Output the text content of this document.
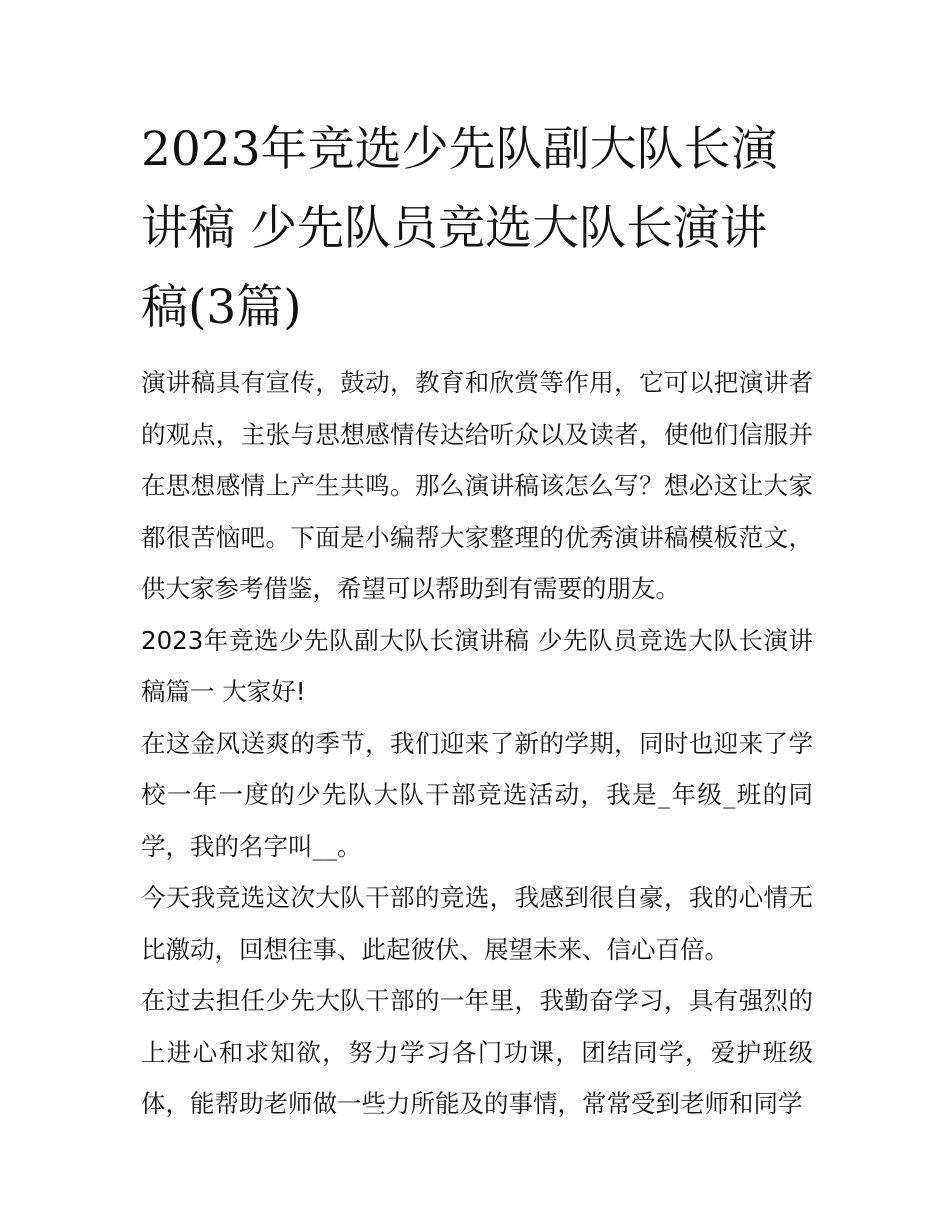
2023年竞选少先队副大队长演讲稿 少先队员竞选大队长演讲稿(3篇)

演讲稿具有宣传，鼓动，教育和欣赏等作用，它可以把演讲者的观点，主张与思想感情传达给听众以及读者，使他们信服并在思想感情上产生共鸣。那么演讲稿该怎么写？想必这让大家都很苦恼吧。下面是小编帮大家整理的优秀演讲稿模板范文，供大家参考借鉴，希望可以帮助到有需要的朋友。

2023年竞选少先队副大队长演讲稿 少先队员竞选大队长演讲稿篇一 大家好!

在这金风送爽的季节，我们迎来了新的学期，同时也迎来了学校一年一度的少先队大队干部竞选活动，我是_年级_班的同学，我的名字叫__。

今天我竞选这次大队干部的竞选，我感到很自豪，我的心情无比激动，回想往事、此起彼伏、展望未来、信心百倍。

在过去担任少先大队干部的一年里，我勤奋学习，具有强烈的上进心和求知欲，努力学习各门功课，团结同学，爱护班级体，能帮助老师做一些力所能及的事情，常常受到老师和同学
